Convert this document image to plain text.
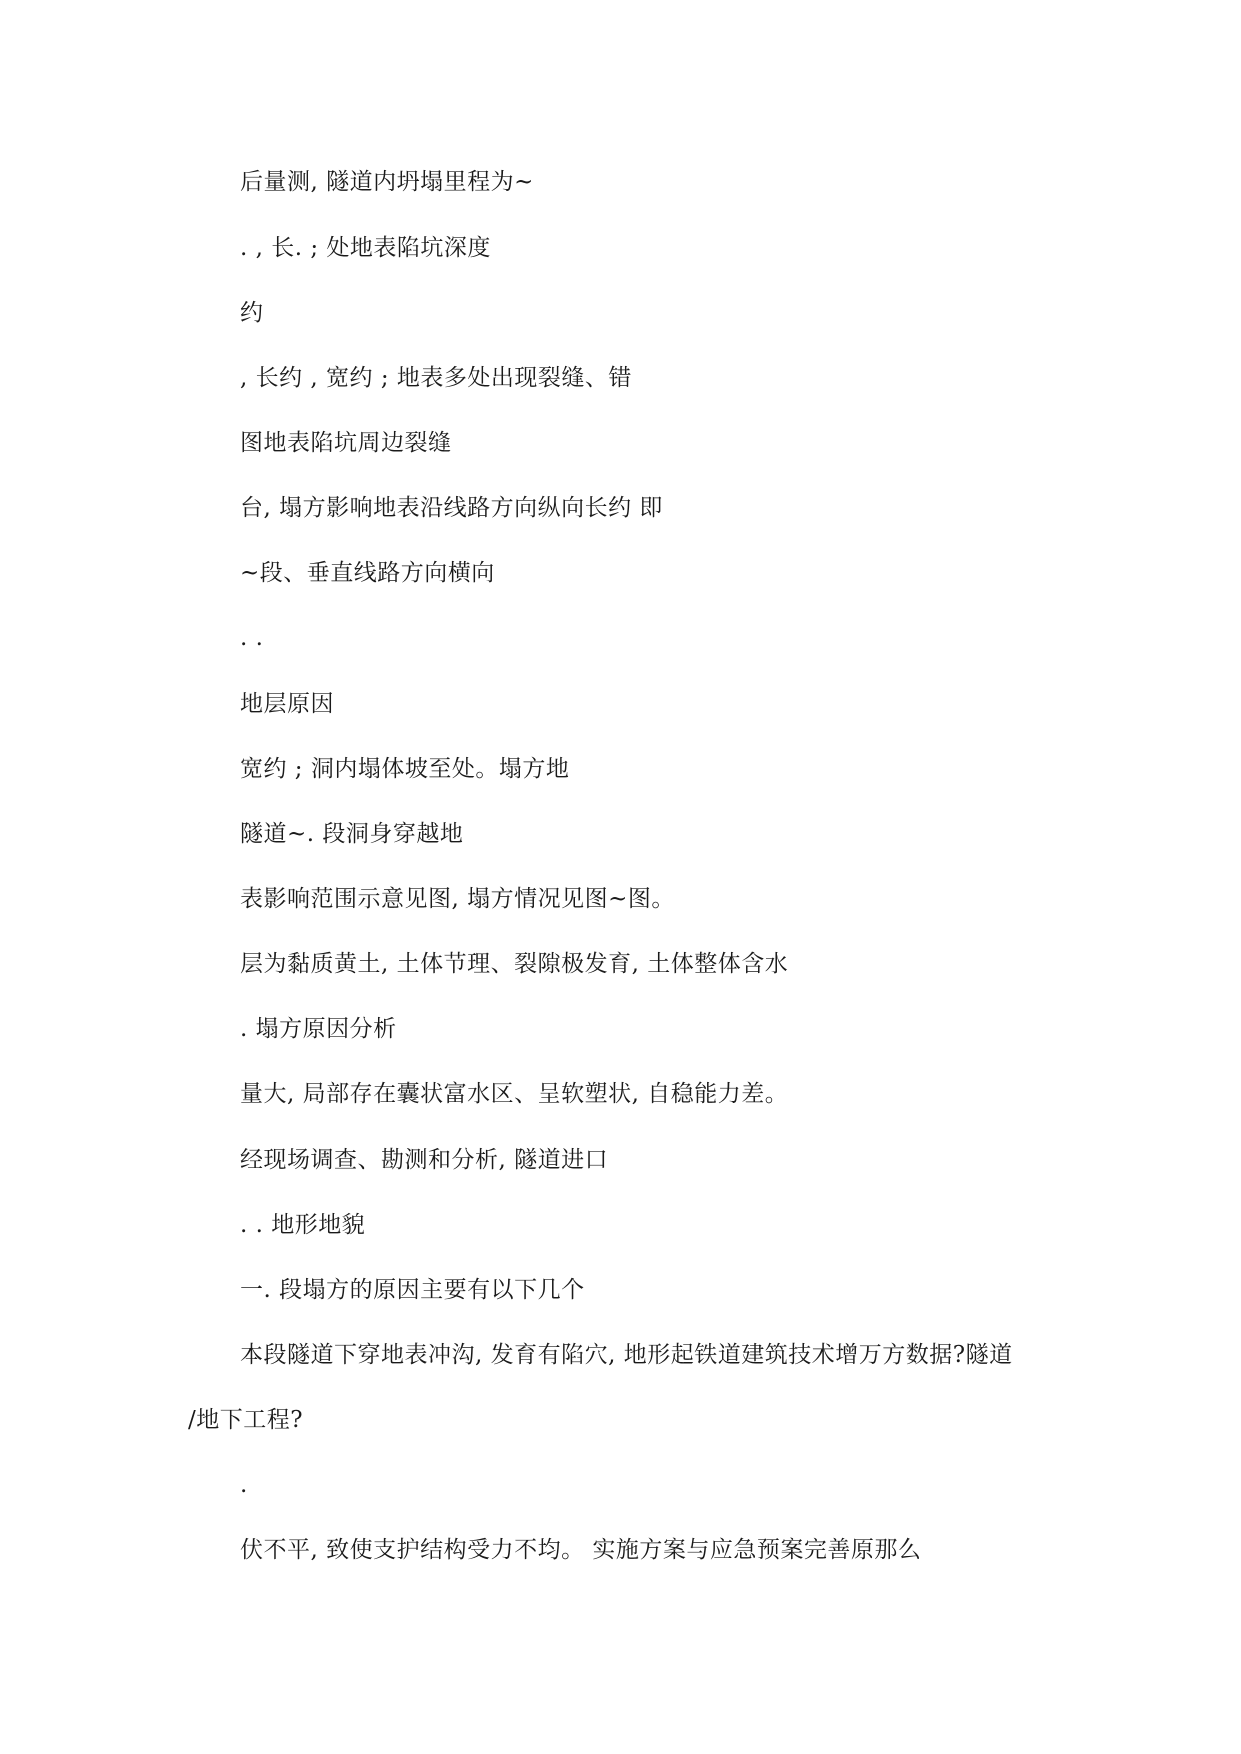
后量测, 隧道内坍塌里程为~
. , 长. ; 处地表陷坑深度
约
, 长约 , 宽约 ; 地表多处出现裂缝、错
图地表陷坑周边裂缝
台, 塌方影响地表沿线路方向纵向长约 即
~段、垂直线路方向横向
. .
地层原因
宽约 ; 洞内塌体坡至处。塌方地
隧道~. 段洞身穿越地
表影响范围示意见图, 塌方情况见图~图。
层为黏质黄土, 土体节理、裂隙极发育, 土体整体含水
. 塌方原因分析
量大, 局部存在囊状富水区、呈软塑状, 自稳能力差。
经现场调查、勘测和分析, 隧道进口
. . 地形地貌
一. 段塌方的原因主要有以下几个
本段隧道下穿地表冲沟, 发育有陷穴, 地形起铁道建筑技术增万方数据?隧道
/地下工程?
.
伏不平, 致使支护结构受力不均。 实施方案与应急预案完善原那么
